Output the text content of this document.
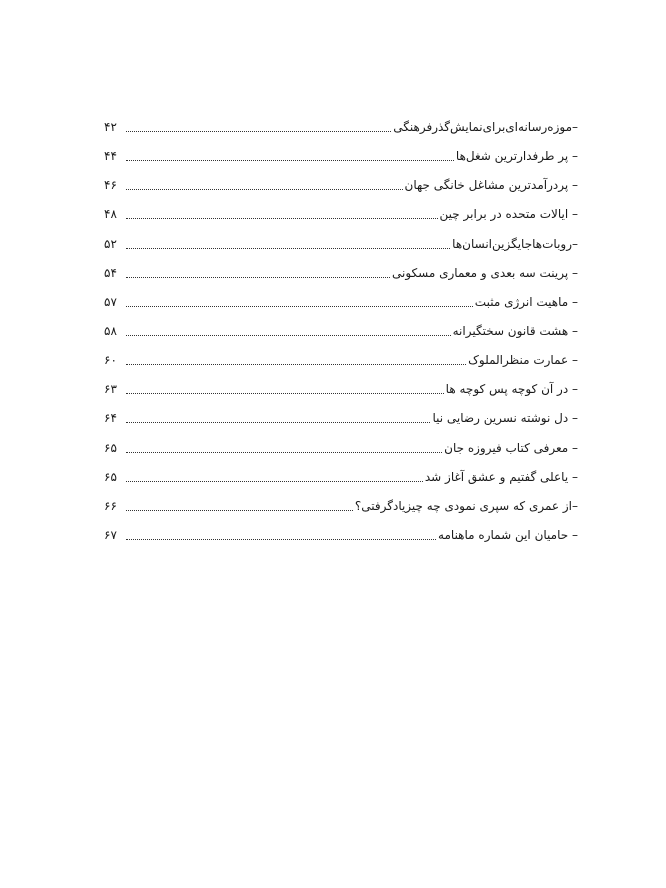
–موزه‌رسانه‌ای‌برای‌نمایش‌گذرفرهنگی
۴۲
– پر طرفدارترین شغل‌ها
۴۴
– پردرآمدترین مشاغل خانگی جهان
۴۶
– ایالات متحده در برابر چین
۴۸
–روبات‌ها‌جایگزین‌انسان‌ها
۵۲
– پرینت سه بعدی و معماری مسکونی
۵۴
– ماهیت انرژی مثبت
۵۷
– هشت قانون سختگیرانه
۵۸
– عمارت منظرالملوک
۶۰
– در آن کوچه پس کوچه ها
۶۳
– دل نوشته نسرین رضایی نیا
۶۴
– معرفی کتاب فیروزه جان
۶۵
– یاعلی گفتیم و عشق آغاز شد
۶۵
–از عمری که سپری نمودی چه چیزیادگرفتی؟
۶۶
– حامیان این شماره ماهنامه
۶۷
